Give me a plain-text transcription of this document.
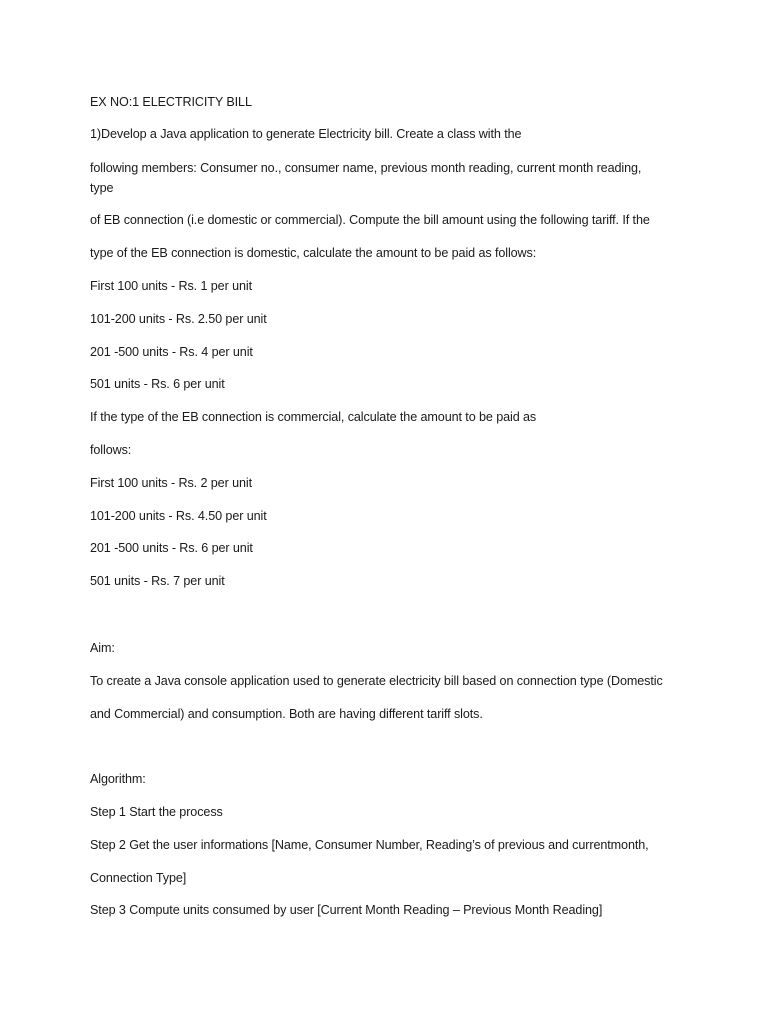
EX NO:1 ELECTRICITY BILL
1)Develop a Java application to generate Electricity bill. Create a class with the
following members: Consumer no., consumer name, previous month reading, current month reading,
type
of EB connection (i.e domestic or commercial). Compute the bill amount using the following tariff. If the
type of the EB connection is domestic, calculate the amount to be paid as follows:
First 100 units - Rs. 1 per unit
101-200 units - Rs. 2.50 per unit
201 -500 units - Rs. 4 per unit
501 units - Rs. 6 per unit
If the type of the EB connection is commercial, calculate the amount to be paid as
follows:
First 100 units - Rs. 2 per unit
101-200 units - Rs. 4.50 per unit
201 -500 units - Rs. 6 per unit
501 units - Rs. 7 per unit
Aim:
To create a Java console application used to generate electricity bill based on connection type (Domestic
and Commercial) and consumption. Both are having different tariff slots.
Algorithm:
Step 1 Start the process
Step 2 Get the user informations [Name, Consumer Number, Reading’s of previous and currentmonth,
Connection Type]
Step 3 Compute units consumed by user [Current Month Reading – Previous Month Reading]
